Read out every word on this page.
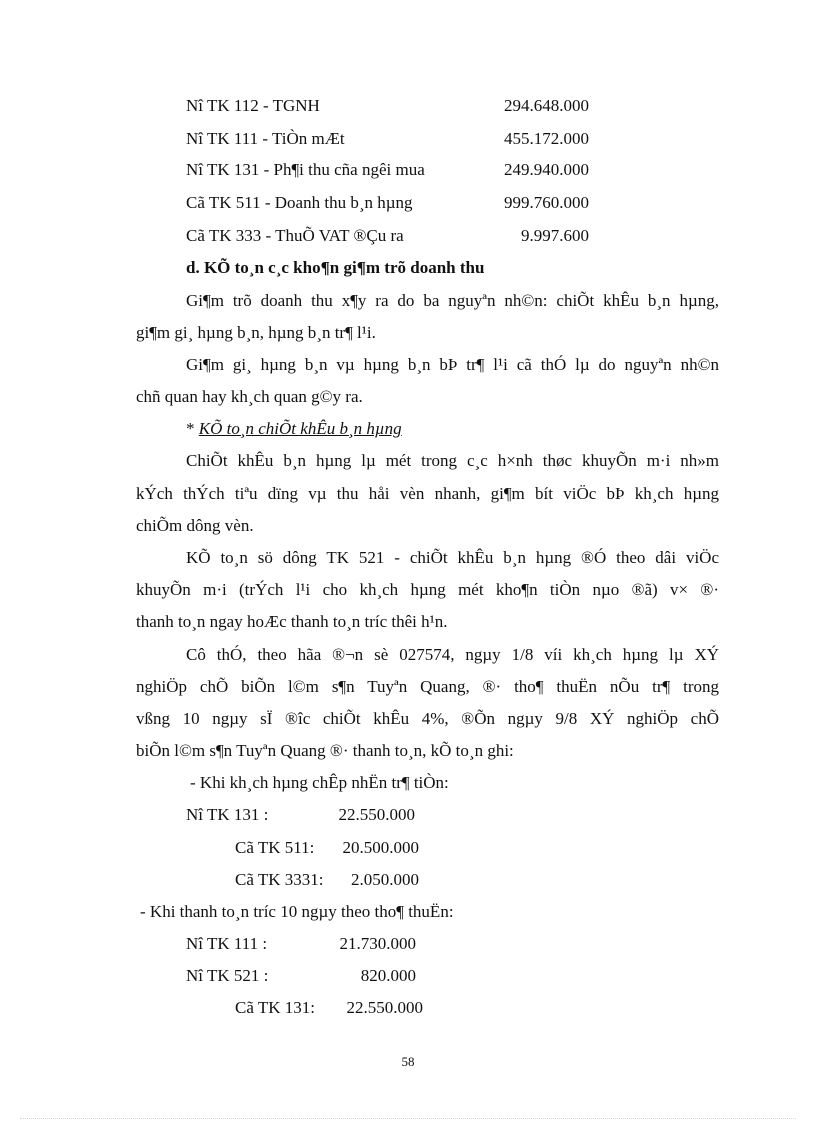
Nî TK 112 - TGNH	294.648.000
Nî TK 111 - TiÒn mÆt	455.172.000
Nî TK 131 - Ph¶i thu cña ngêi mua	249.940.000
Cã TK 511 - Doanh thu b¸n hµng	999.760.000
Cã TK 333 - ThuÕ VAT ®Çu ra	9.997.600
d. KÕ to¸n c¸c kho¶n gi¶m trõ doanh thu
Gi¶m trõ doanh thu x¶y ra do ba nguyªn nh©n: chiÕt khÊu b¸n hµng,
gi¶m gi¸ hµng b¸n, hµng b¸n tr¶ l¹i.
Gi¶m gi¸ hµng b¸n vµ hµng b¸n bÞ tr¶ l¹i cã thÓ lµ do nguyªn nh©n
chñ quan hay kh¸ch quan g©y ra.
* KÕ to¸n chiÕt khÊu b¸n hµng
ChiÕt khÊu b¸n hµng lµ mét trong c¸c h×nh thøc khuyÕn m·i nh»m
kÝch thÝch tiªu dïng vµ thu håi vèn nhanh, gi¶m bít viÖc bÞ kh¸ch hµng
chiÕm dông vèn.
KÕ to¸n sö dông TK 521 - chiÕt khÊu b¸n hµng ®Ó theo dâi viÖc
khuyÕn m·i (trÝch l¹i cho kh¸ch hµng mét kho¶n tiÒn nµo ®ã) v× ®·
thanh to¸n ngay hoÆc thanh to¸n tríc thêi h¹n.
Cô thÓ, theo hãa ®¬n sè 027574, ngµy 1/8 víi kh¸ch hµng lµ XÝ
nghiÖp chÕ biÕn l©m s¶n Tuyªn Quang, ®· tho¶ thuËn nÕu tr¶ trong
vßng 10 ngµy sÏ ®îc chiÕt khÊu 4%, ®Õn ngµy 9/8 XÝ nghiÖp chÕ
biÕn l©m s¶n Tuyªn Quang ®· thanh to¸n, kÕ to¸n ghi:
- Khi kh¸ch hµng chÊp nhËn tr¶ tiÒn:
Nî TK 131 :	22.550.000
Cã TK 511:	20.500.000
Cã TK 3331:	2.050.000
- Khi thanh to¸n tríc 10 ngµy theo tho¶ thuËn:
Nî TK 111 :	21.730.000
Nî TK 521 :	820.000
Cã TK 131:	22.550.000
58
